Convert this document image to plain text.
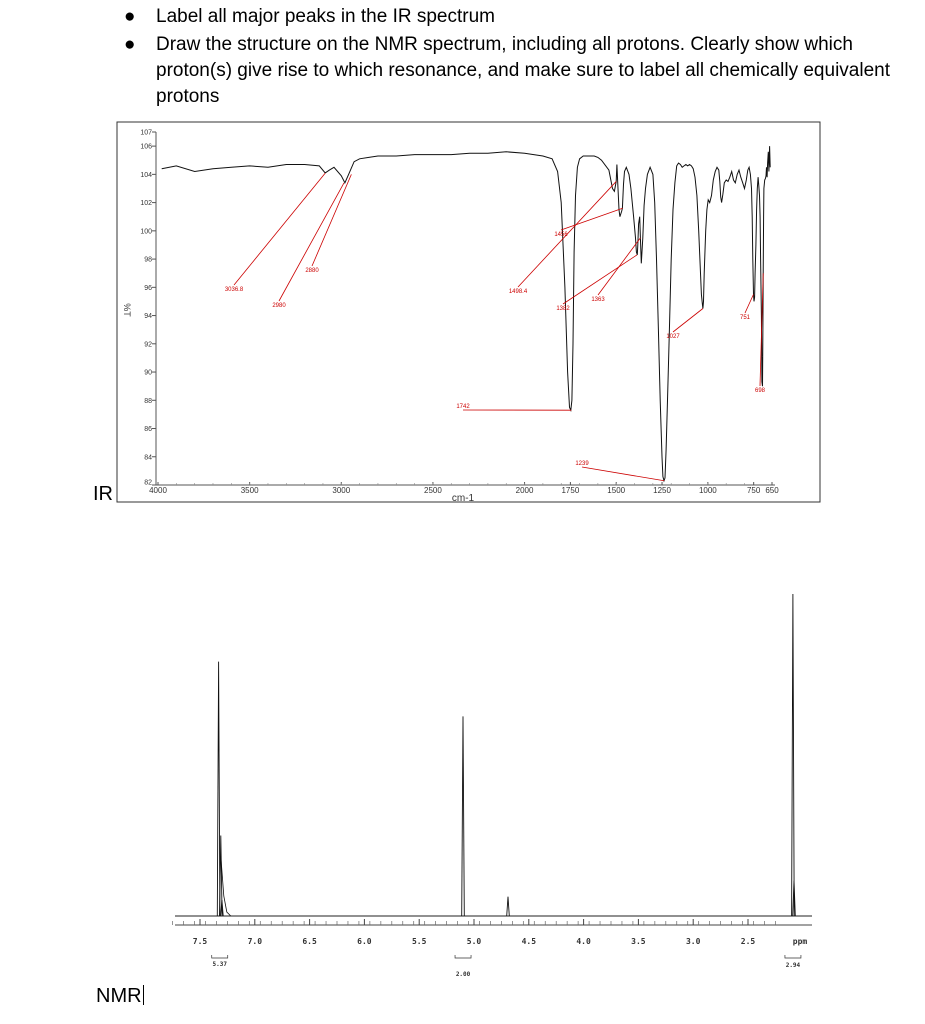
● Label all major peaks in the IR spectrum
● Draw the structure on the NMR spectrum, including all protons. Clearly show which proton(s) give rise to which resonance, and make sure to label all chemically equivalent protons
IR
NMR
82
84
86
88
90
92
94
96
98
100
102
104
106
107
4000	3500	3000	2500	2000	1750	1500	1250	1000	750 650
cm-1
%T
3036.8
2980
2880
1742
1498.4
1456
1382
1363
1239
1027
751
698
7.5	7.0	6.5	6.0	5.5	5.0	4.5	4.0	3.5	3.0	2.5	ppm
5.37
2.00
2.94
